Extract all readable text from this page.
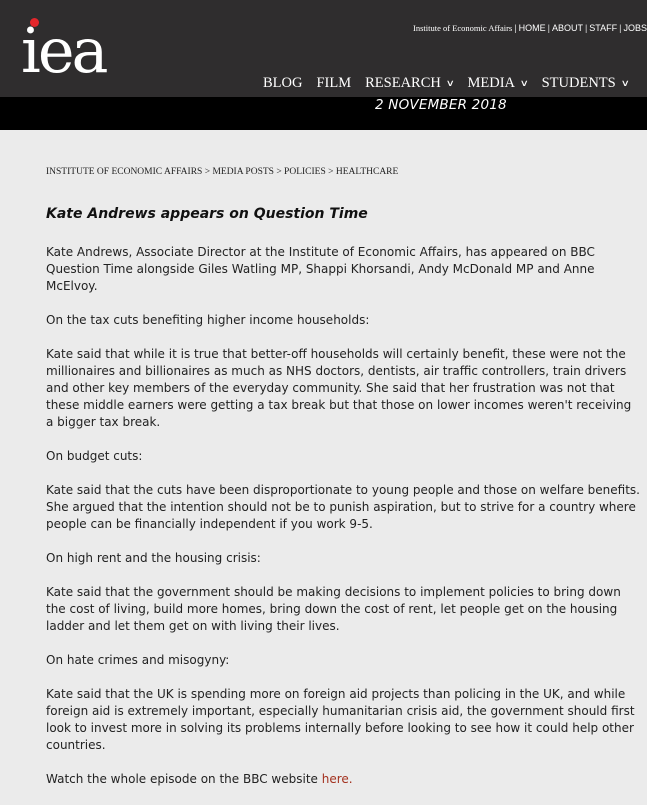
iea	Institute of Economic Affairs | HOME | ABOUT | STAFF | JOBS
BLOG FILM RESEARCH ∨ MEDIA ∨ STUDENTS ∨
2 NOVEMBER 2018
INSTITUTE OF ECONOMIC AFFAIRS > MEDIA POSTS > POLICIES > HEALTHCARE
Kate Andrews appears on Question Time

Kate Andrews, Associate Director at the Institute of Economic Affairs, has appeared on BBC Question Time alongside Giles Watling MP, Shappi Khorsandi, Andy McDonald MP and Anne McElvoy.

On the tax cuts benefiting higher income households:

Kate said that while it is true that better-off households will certainly benefit, these were not the millionaires and billionaires as much as NHS doctors, dentists, air traffic controllers, train drivers and other key members of the everyday community. She said that her frustration was not that these middle earners were getting a tax break but that those on lower incomes weren't receiving a bigger tax break.

On budget cuts:

Kate said that the cuts have been disproportionate to young people and those on welfare benefits. She argued that the intention should not be to punish aspiration, but to strive for a country where people can be financially independent if you work 9-5.

On high rent and the housing crisis:

Kate said that the government should be making decisions to implement policies to bring down the cost of living, build more homes, bring down the cost of rent, let people get on the housing ladder and let them get on with living their lives.

On hate crimes and misogyny:

Kate said that the UK is spending more on foreign aid projects than policing in the UK, and while foreign aid is extremely important, especially humanitarian crisis aid, the government should first look to invest more in solving its problems internally before looking to see how it could help other countries.

Watch the whole episode on the BBC website here.
